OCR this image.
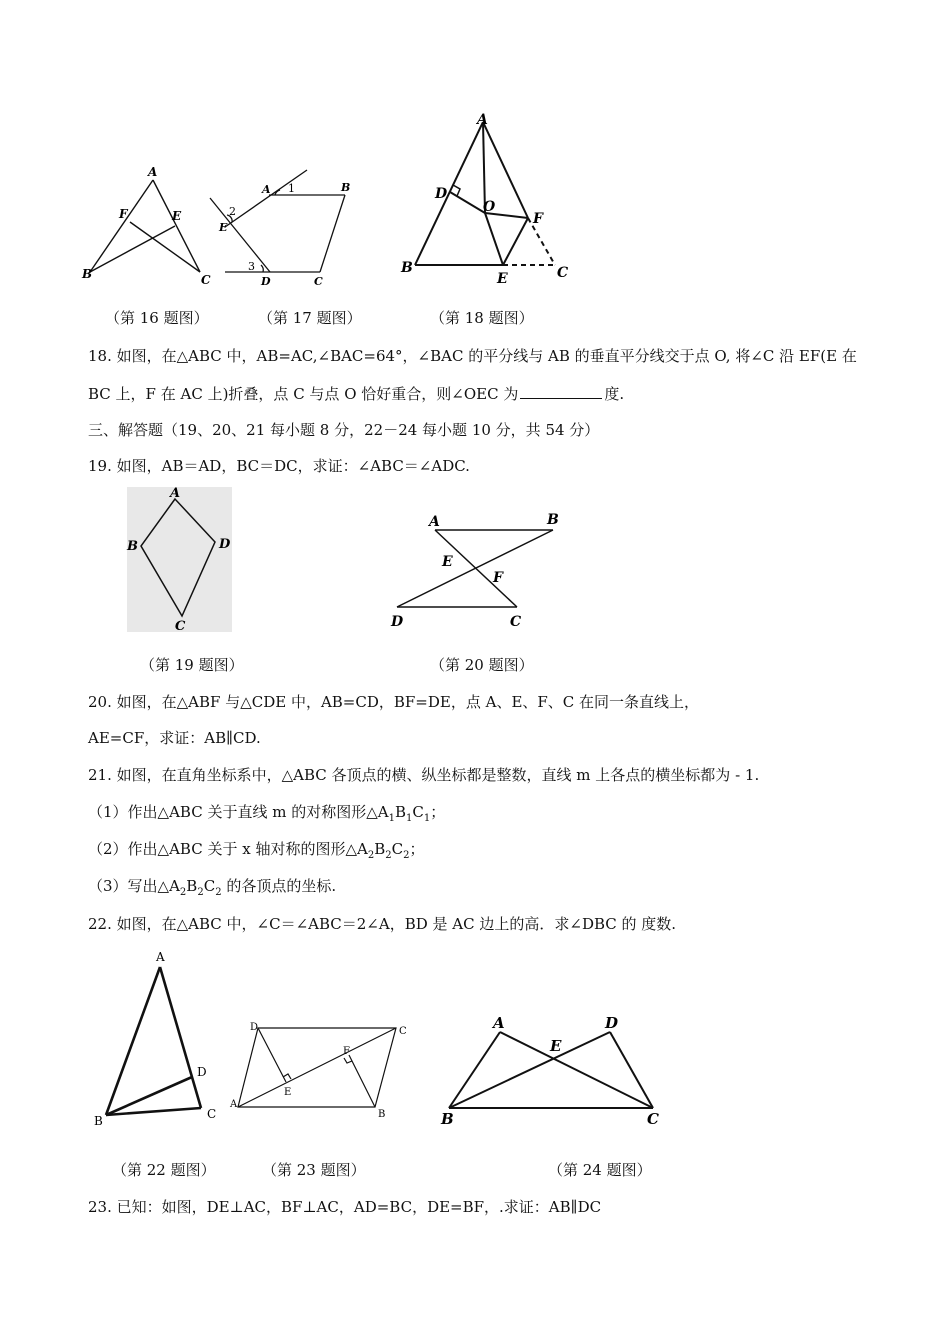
A
B	C
E
F
（第 16 题图）
A	B
C
D
E
1
2
3
（第 17 题图）
A
B	C
D
E
F
O
（第 18 题图）
18. 如图，在△ABC 中，AB=AC,∠BAC=64°，∠BAC 的平分线与 AB 的垂直平分线交于点 O, 将∠C 沿 EF(E 在
BC 上，F 在 AC 上)折叠，点 C 与点 O 恰好重合，则∠OEC 为	度.
三、解答题（19、20、21 每小题 8 分，22－24 每小题 10 分，共 54 分）
19. 如图，AB＝AD，BC＝DC，求证：∠ABC＝∠ADC.
A
B
C
D
（第 19 题图）
A	B
C
D
E
F
（第 20 题图）
20. 如图，在△ABF 与△CDE 中，AB=CD，BF=DE，点 A、E、F、C 在同一条直线上，
AE=CF，求证：AB∥CD.
21. 如图，在直角坐标系中，△ABC 各顶点的横、纵坐标都是整数，直线 m 上各点的横坐标都为 - 1.
（1）作出△ABC 关于直线 m 的对称图形$\triangle A_1B_1C_1$；
（2）作出△ABC 关于 x 轴对称的图形$\triangle A_2B_2C_2$；
（3）写出$\triangle A_2B_2C_2$ 的各顶点的坐标.
22. 如图，在△ABC 中，∠C＝∠ABC＝2∠A，BD 是 AC 边上的高．求∠DBC 的 度数.
A
B	C
D
（第 22 题图）
D	C
A
B
E
F
（第 23 题图）
A
B	C
D
E
（第 24 题图）
23. 已知：如图，DE⊥AC，BF⊥AC，AD=BC，DE=BF，.求证：AB∥DC
